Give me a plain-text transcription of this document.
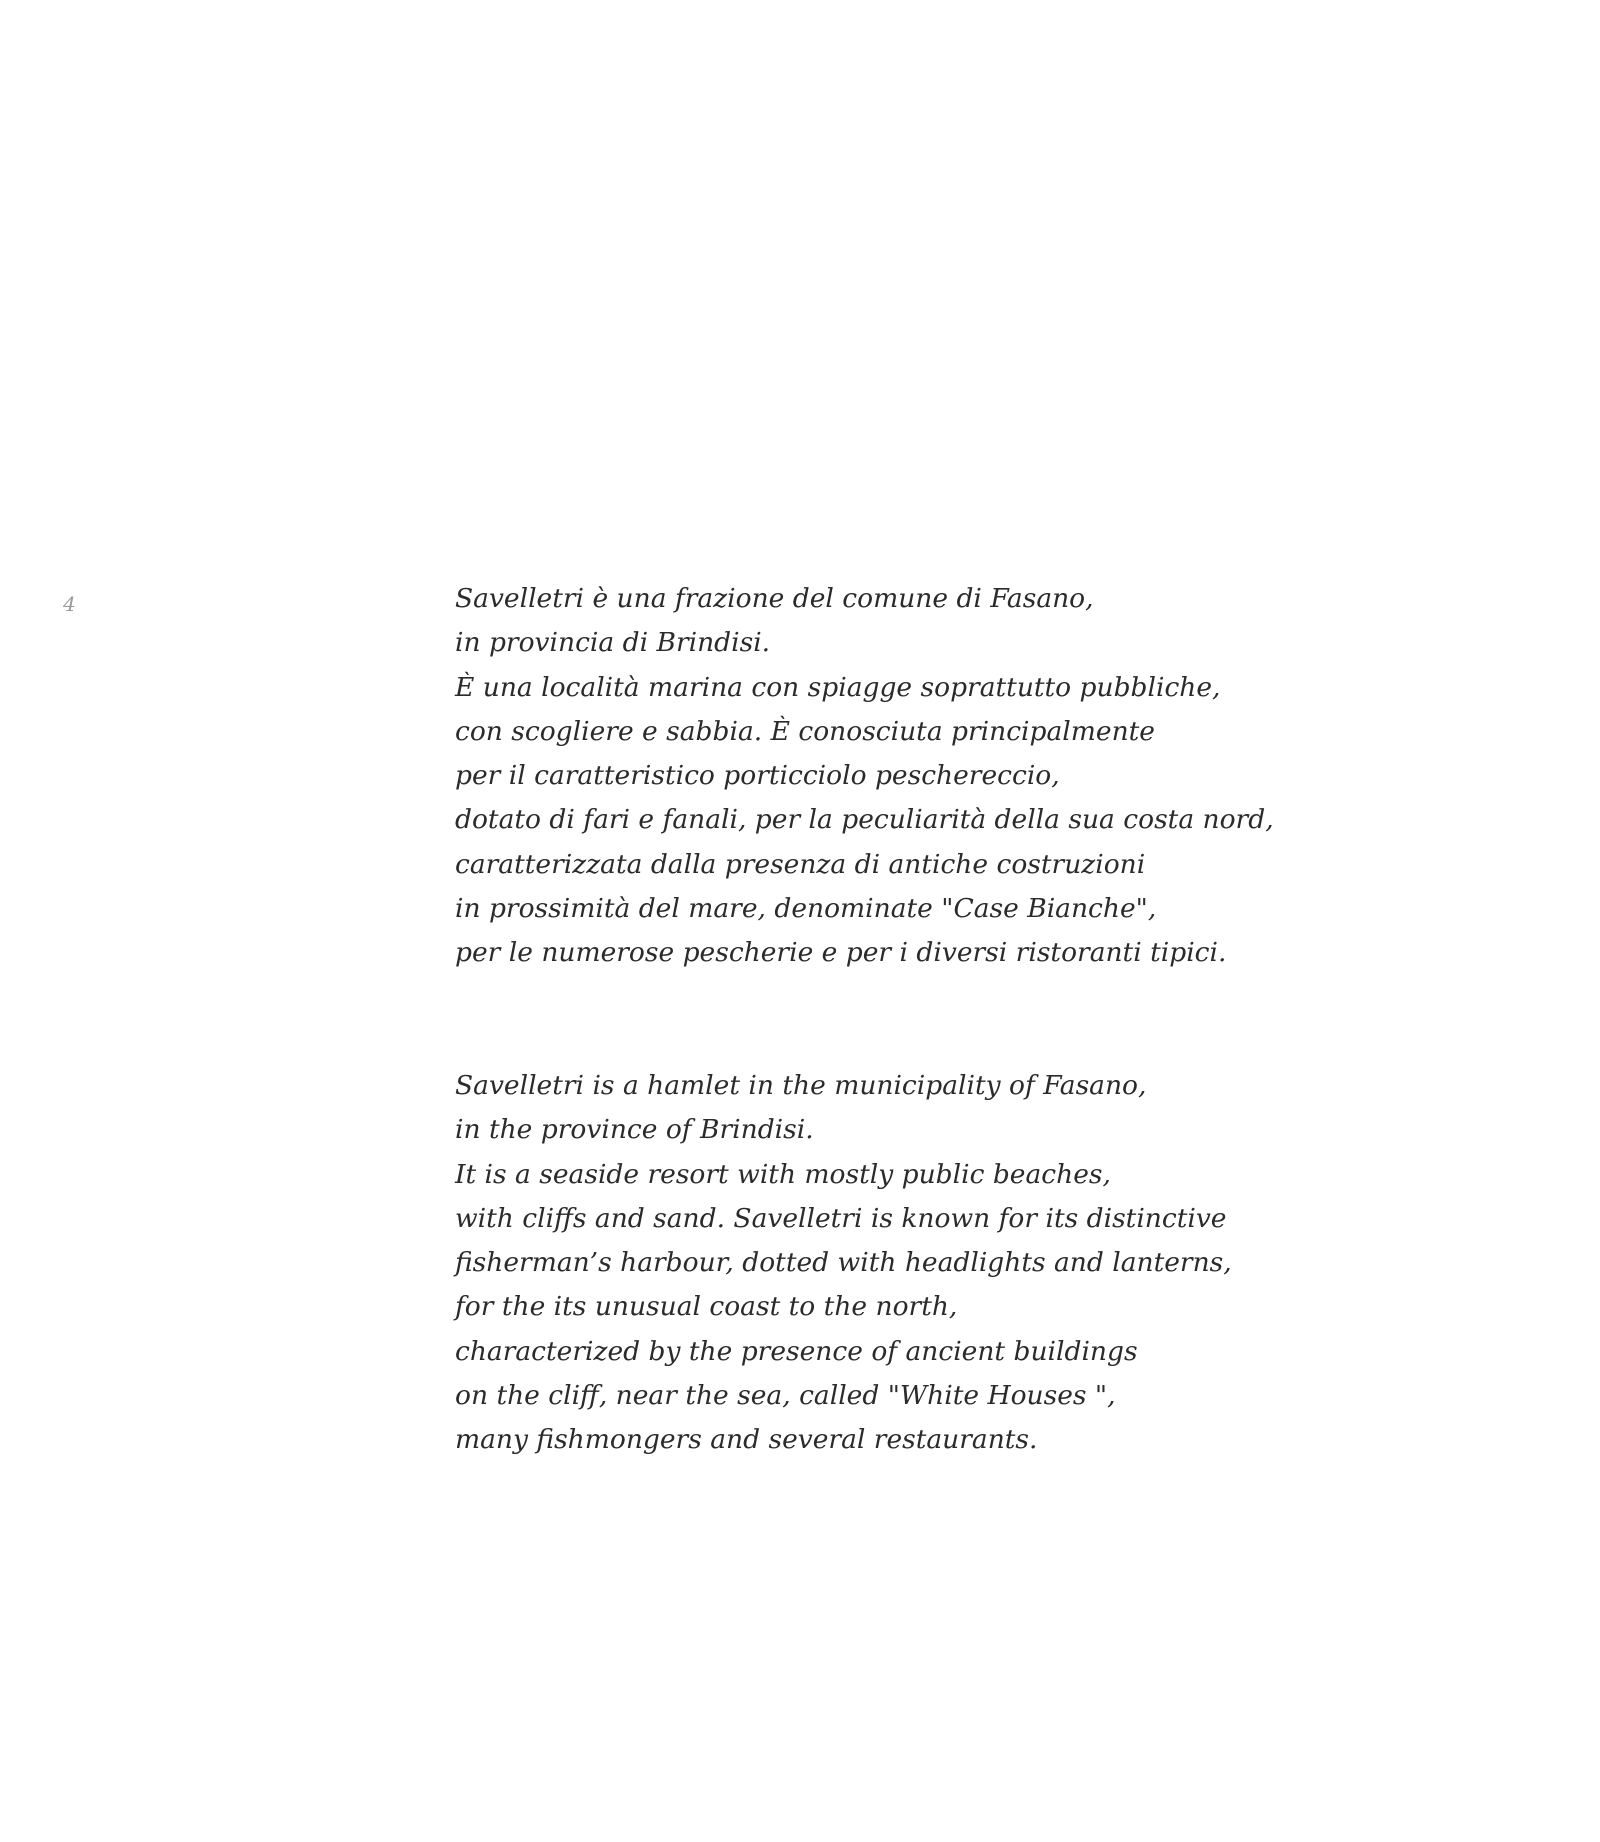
4	Savelletri è una frazione del comune di Fasano,
in provincia di Brindisi.
È una località marina con spiagge soprattutto pubbliche,
con scogliere e sabbia. È conosciuta principalmente
per il caratteristico porticciolo peschereccio,
dotato di fari e fanali, per la peculiarità della sua costa nord,
caratterizzata dalla presenza di antiche costruzioni
in prossimità del mare, denominate "Case Bianche",
per le numerose pescherie e per i diversi ristoranti tipici.
Savelletri is a hamlet in the municipality of Fasano,
in the province of Brindisi.
It is a seaside resort with mostly public beaches,
with cliffs and sand. Savelletri is known for its distinctive
fisherman’s harbour, dotted with headlights and lanterns,
for the its unusual coast to the north,
characterized by the presence of ancient buildings
on the cliff, near the sea, called "White Houses ",
many fishmongers and several restaurants.
